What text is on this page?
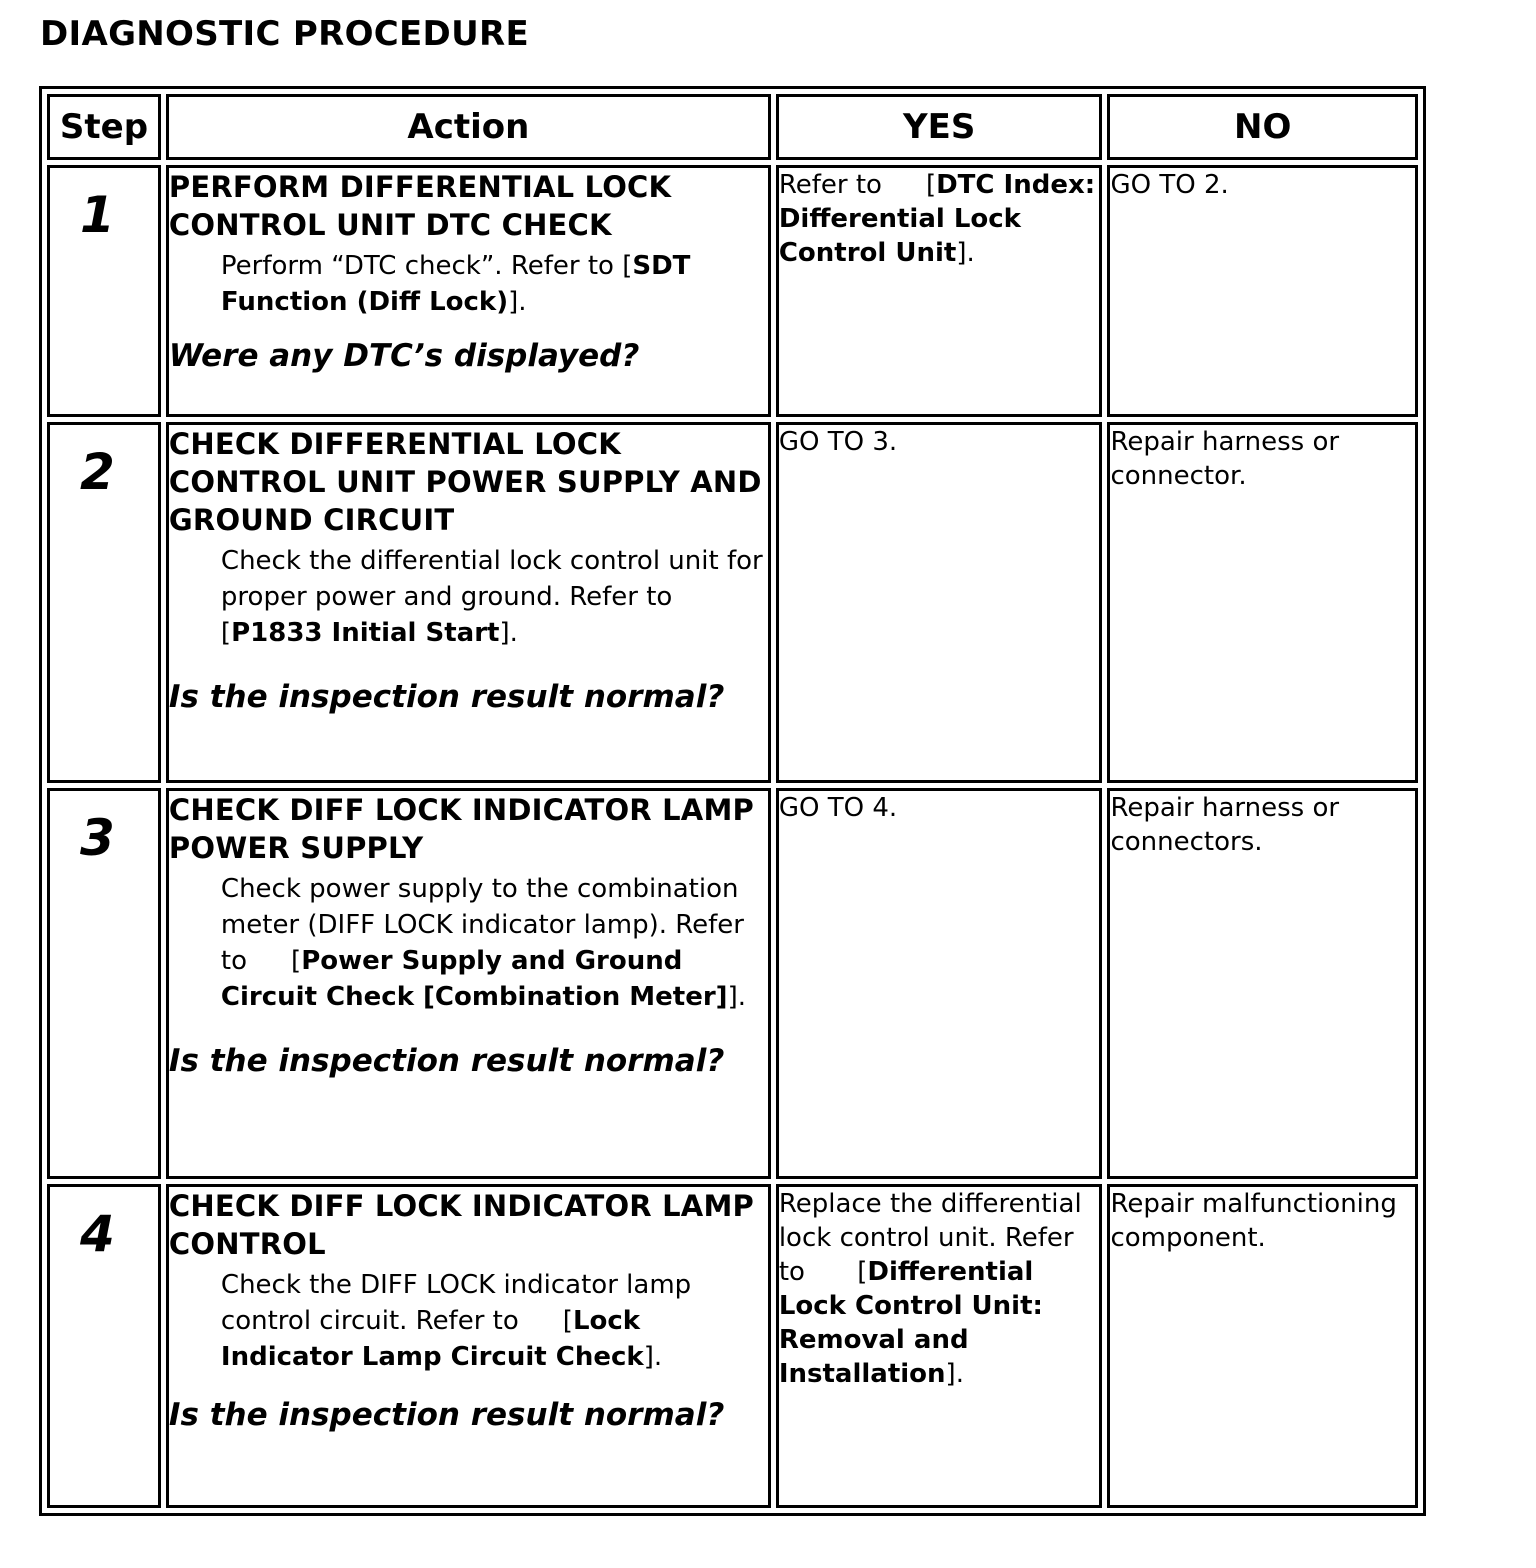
DIAGNOSTIC PROCEDURE
Step	Action	YES	NO

1	PERFORM DIFFERENTIAL LOCK CONTROL UNIT DTC CHECK
Perform “DTC check”. Refer to [SDT Function (Diff Lock)].
Were any DTC’s displayed?	Refer to [DTC Index: Differential Lock Control Unit].	GO TO 2.

2	CHECK DIFFERENTIAL LOCK CONTROL UNIT POWER SUPPLY AND GROUND CIRCUIT
Check the differential lock control unit for proper power and ground. Refer to[P1833 Initial Start].
Is the inspection result normal?	GO TO 3.	Repair harness or connector.

3	CHECK DIFF LOCK INDICATOR LAMP POWER SUPPLY
Check power supply to the combination meter (DIFF LOCK indicator lamp). Refer to [Power Supply and Ground Circuit Check [Combination Meter]].
Is the inspection result normal?	GO TO 4.	Repair harness or connectors.

4	CHECK DIFF LOCK INDICATOR LAMP CONTROL
Check the DIFF LOCK indicator lamp control circuit. Refer to [Lock Indicator Lamp Circuit Check].
Is the inspection result normal?	Replace the differential lock control unit. Refer to [Differential Lock Control Unit: Removal and Installation].	Repair malfunctioning component.
